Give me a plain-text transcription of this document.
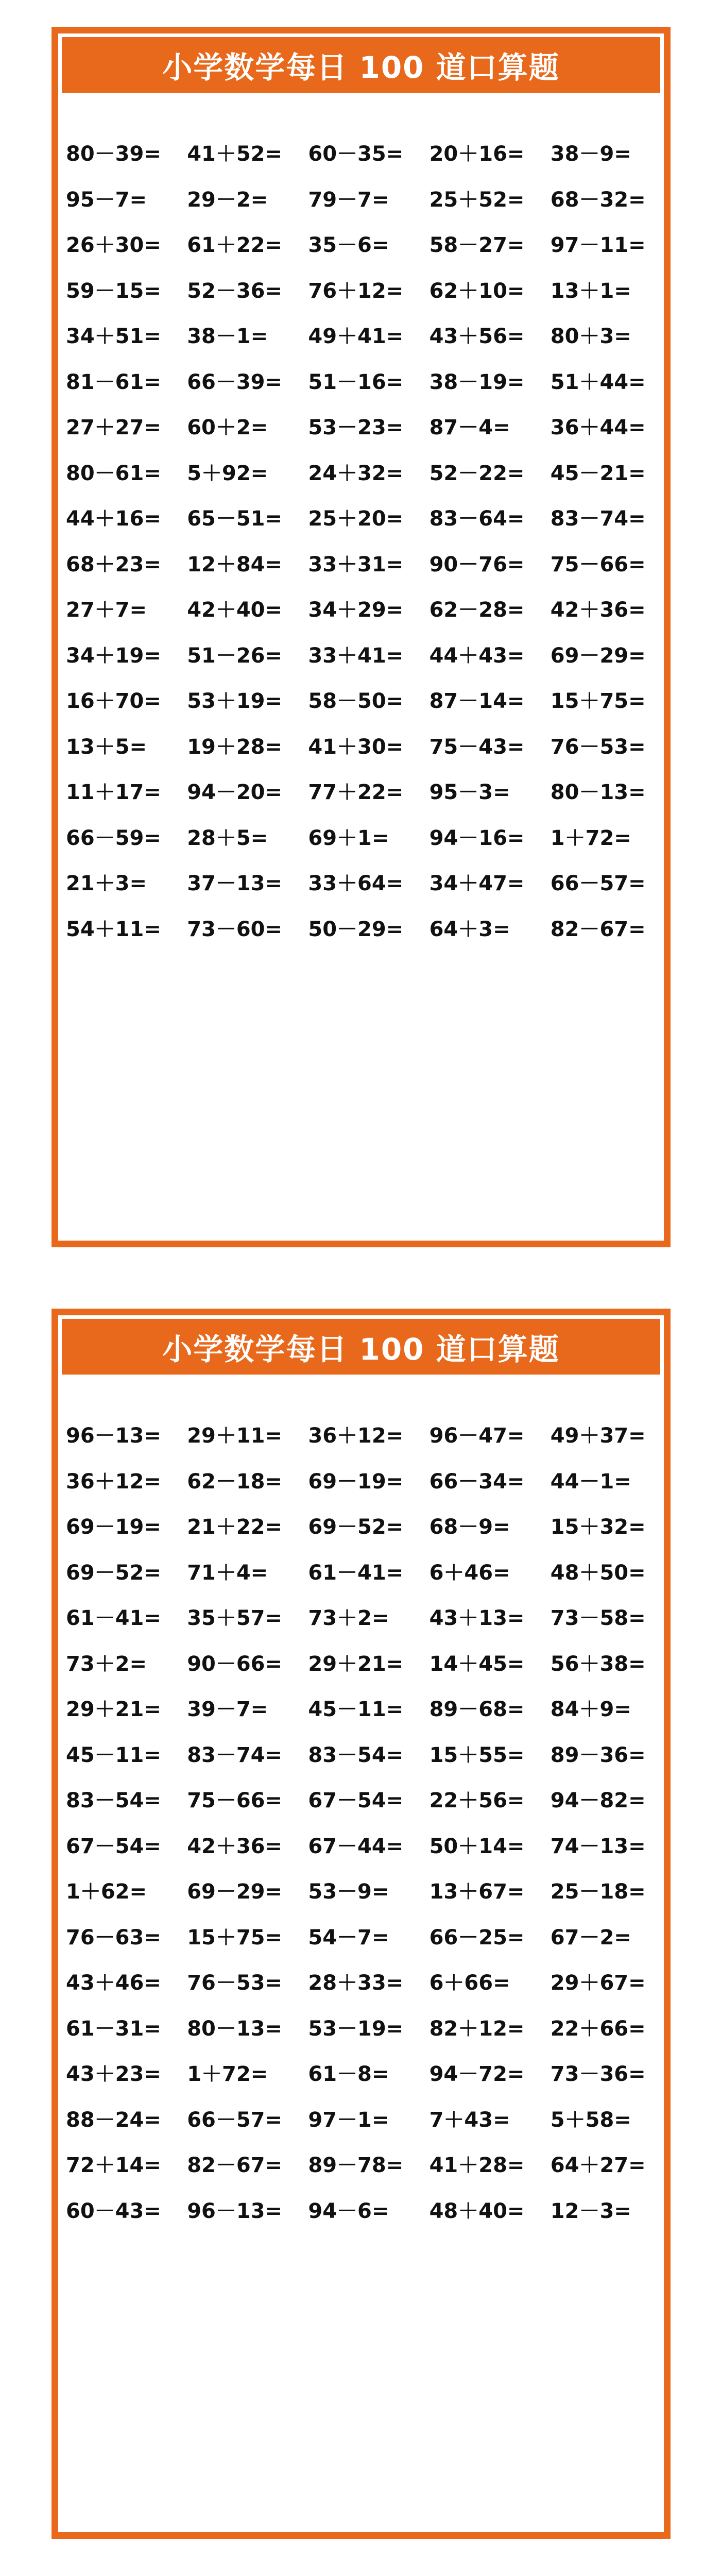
小学数学每日 100 道口算题
80－39=	41＋52=	60－35=	20＋16=	38－9=
95－7=	29－2=	79－7=	25＋52=	68－32=
26＋30=	61＋22=	35－6=	58－27=	97－11=
59－15=	52－36=	76＋12=	62＋10=	13＋1=
34＋51=	38－1=	49＋41=	43＋56=	80＋3=
81－61=	66－39=	51－16=	38－19=	51＋44=
27＋27=	60＋2=	53－23=	87－4=	36＋44=
80－61=	5＋92=	24＋32=	52－22=	45－21=
44＋16=	65－51=	25＋20=	83－64=	83－74=
68＋23=	12＋84=	33＋31=	90－76=	75－66=
27＋7=	42＋40=	34＋29=	62－28=	42＋36=
34＋19=	51－26=	33＋41=	44＋43=	69－29=
16＋70=	53＋19=	58－50=	87－14=	15＋75=
13＋5=	19＋28=	41＋30=	75－43=	76－53=
11＋17=	94－20=	77＋22=	95－3=	80－13=
66－59=	28＋5=	69＋1=	94－16=	1＋72=
21＋3=	37－13=	33＋64=	34＋47=	66－57=
54＋11=	73－60=	50－29=	64＋3=	82－67=
小学数学每日 100 道口算题
96－13=	29＋11=	36＋12=	96－47=	49＋37=
36＋12=	62－18=	69－19=	66－34=	44－1=
69－19=	21＋22=	69－52=	68－9=	15＋32=
69－52=	71＋4=	61－41=	6＋46=	48＋50=
61－41=	35＋57=	73＋2=	43＋13=	73－58=
73＋2=	90－66=	29＋21=	14＋45=	56＋38=
29＋21=	39－7=	45－11=	89－68=	84＋9=
45－11=	83－74=	83－54=	15＋55=	89－36=
83－54=	75－66=	67－54=	22＋56=	94－82=
67－54=	42＋36=	67－44=	50＋14=	74－13=
1＋62=	69－29=	53－9=	13＋67=	25－18=
76－63=	15＋75=	54－7=	66－25=	67－2=
43＋46=	76－53=	28＋33=	6＋66=	29＋67=
61－31=	80－13=	53－19=	82＋12=	22＋66=
43＋23=	1＋72=	61－8=	94－72=	73－36=
88－24=	66－57=	97－1=	7＋43=	5＋58=
72＋14=	82－67=	89－78=	41＋28=	64＋27=
60－43=	96－13=	94－6=	48＋40=	12－3=
